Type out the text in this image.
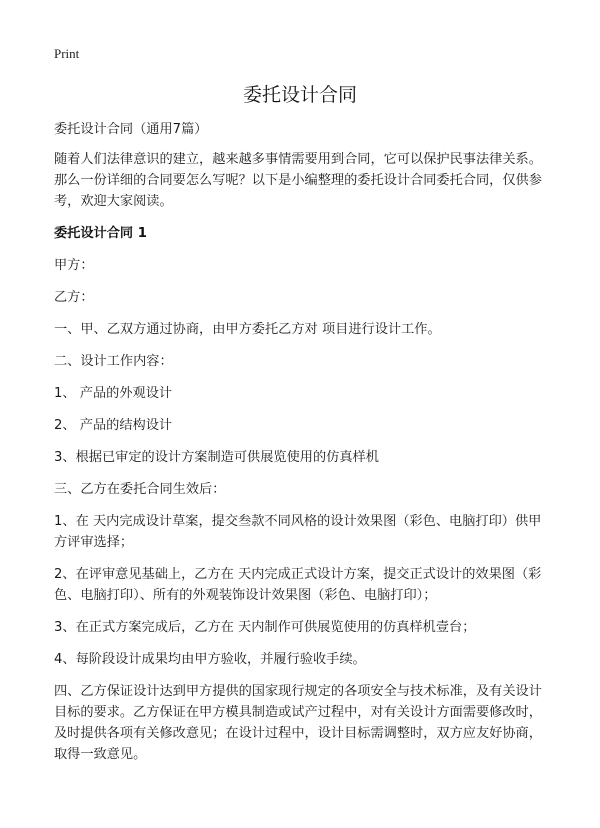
Print
委托设计合同

委托设计合同（通用7篇）

随着人们法律意识的建立，越来越多事情需要用到合同，它可以保护民事法律关系。那么一份详细的合同要怎么写呢？以下是小编整理的委托设计合同委托合同，仅供参考，欢迎大家阅读。

委托设计合同 1

甲方：

乙方：

一、甲、乙双方通过协商，由甲方委托乙方对 项目进行设计工作。

二、设计工作内容：

1、 产品的外观设计

2、 产品的结构设计

3、根据已审定的设计方案制造可供展览使用的仿真样机

三、乙方在委托合同生效后：

1、在 天内完成设计草案，提交叁款不同风格的设计效果图（彩色、电脑打印）供甲方评审选择；

2、在评审意见基础上，乙方在 天内完成正式设计方案，提交正式设计的效果图（彩色、电脑打印）、所有的外观装饰设计效果图（彩色、电脑打印）；

3、在正式方案完成后，乙方在 天内制作可供展览使用的仿真样机壹台；

4、每阶段设计成果均由甲方验收，并履行验收手续。

四、乙方保证设计达到甲方提供的国家现行规定的各项安全与技术标准，及有关设计目标的要求。乙方保证在甲方模具制造或试产过程中，对有关设计方面需要修改时，及时提供各项有关修改意见；在设计过程中，设计目标需调整时，双方应友好协商，取得一致意见。
